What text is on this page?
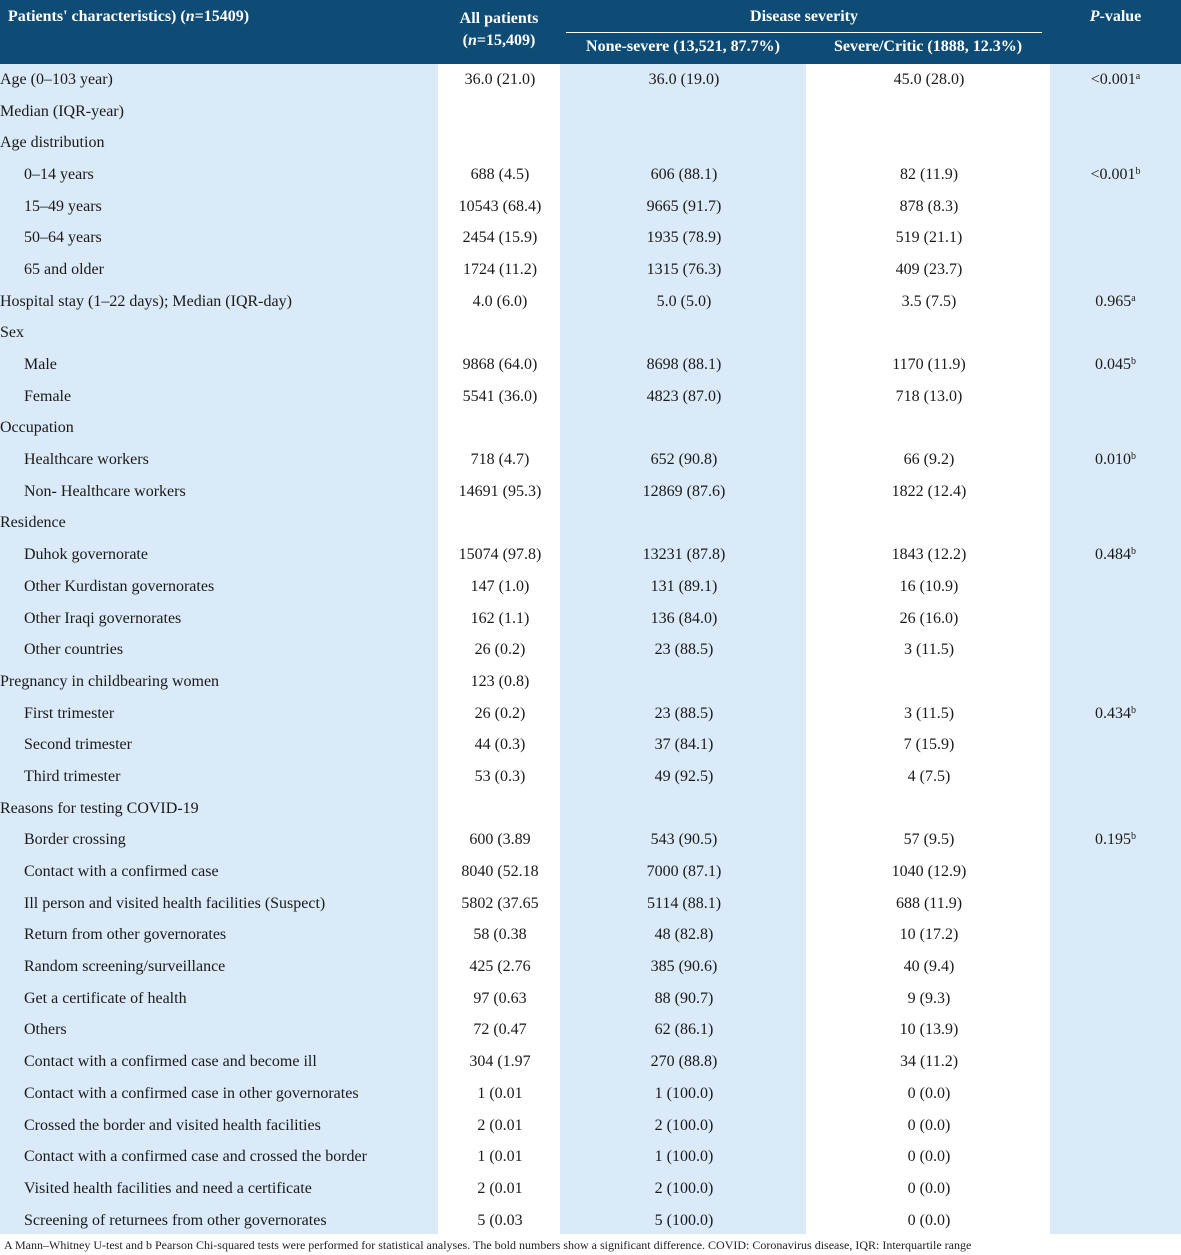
Patients' characteristics) (n=15409)	All patients
(n=15,409)
Disease severity
None-severe (13,521, 87.7%)	Severe/Critic (1888, 12.3%)
P-value
Age (0–103 year)	36.0 (21.0)	36.0 (19.0)	45.0 (28.0)	<0.001$^a$
Median (IQR-year)				
Age distribution				
0–14 years	688 (4.5)	606 (88.1)	82 (11.9)	<0.001$^b$
15–49 years	10543 (68.4)	9665 (91.7)	878 (8.3)	
50–64 years	2454 (15.9)	1935 (78.9)	519 (21.1)	
65 and older	1724 (11.2)	1315 (76.3)	409 (23.7)	
Hospital stay (1–22 days); Median (IQR-day)	4.0 (6.0)	5.0 (5.0)	3.5 (7.5)	0.965$^a$
Sex				
Male	9868 (64.0)	8698 (88.1)	1170 (11.9)	0.045$^b$
Female	5541 (36.0)	4823 (87.0)	718 (13.0)	
Occupation				
Healthcare workers	718 (4.7)	652 (90.8)	66 (9.2)	0.010$^b$
Non- Healthcare workers	14691 (95.3)	12869 (87.6)	1822 (12.4)	
Residence				
Duhok governorate	15074 (97.8)	13231 (87.8)	1843 (12.2)	0.484$^b$
Other Kurdistan governorates	147 (1.0)	131 (89.1)	16 (10.9)	
Other Iraqi governorates	162 (1.1)	136 (84.0)	26 (16.0)	
Other countries	26 (0.2)	23 (88.5)	3 (11.5)	
Pregnancy in childbearing women	123 (0.8)			
First trimester	26 (0.2)	23 (88.5)	3 (11.5)	0.434$^b$
Second trimester	44 (0.3)	37 (84.1)	7 (15.9)	
Third trimester	53 (0.3)	49 (92.5)	4 (7.5)	
Reasons for testing COVID-19				
Border crossing	600 (3.89	543 (90.5)	57 (9.5)	0.195$^b$
Contact with a confirmed case	8040 (52.18	7000 (87.1)	1040 (12.9)	
Ill person and visited health facilities (Suspect)	5802 (37.65	5114 (88.1)	688 (11.9)	
Return from other governorates	58 (0.38	48 (82.8)	10 (17.2)	
Random screening/surveillance	425 (2.76	385 (90.6)	40 (9.4)	
Get a certificate of health	97 (0.63	88 (90.7)	9 (9.3)	
Others	72 (0.47	62 (86.1)	10 (13.9)	
Contact with a confirmed case and become ill	304 (1.97	270 (88.8)	34 (11.2)	
Contact with a confirmed case in other governorates	1 (0.01	1 (100.0)	0 (0.0)	
Crossed the border and visited health facilities	2 (0.01	2 (100.0)	0 (0.0)	
Contact with a confirmed case and crossed the border	1 (0.01	1 (100.0)	0 (0.0)	
Visited health facilities and need a certificate	2 (0.01	2 (100.0)	0 (0.0)	
Screening of returnees from other governorates	5 (0.03	5 (100.0)	0 (0.0)	
A Mann–Whitney U-test and b Pearson Chi-squared tests were performed for statistical analyses. The bold numbers show a significant difference. COVID: Coronavirus disease, IQR: Interquartile range
